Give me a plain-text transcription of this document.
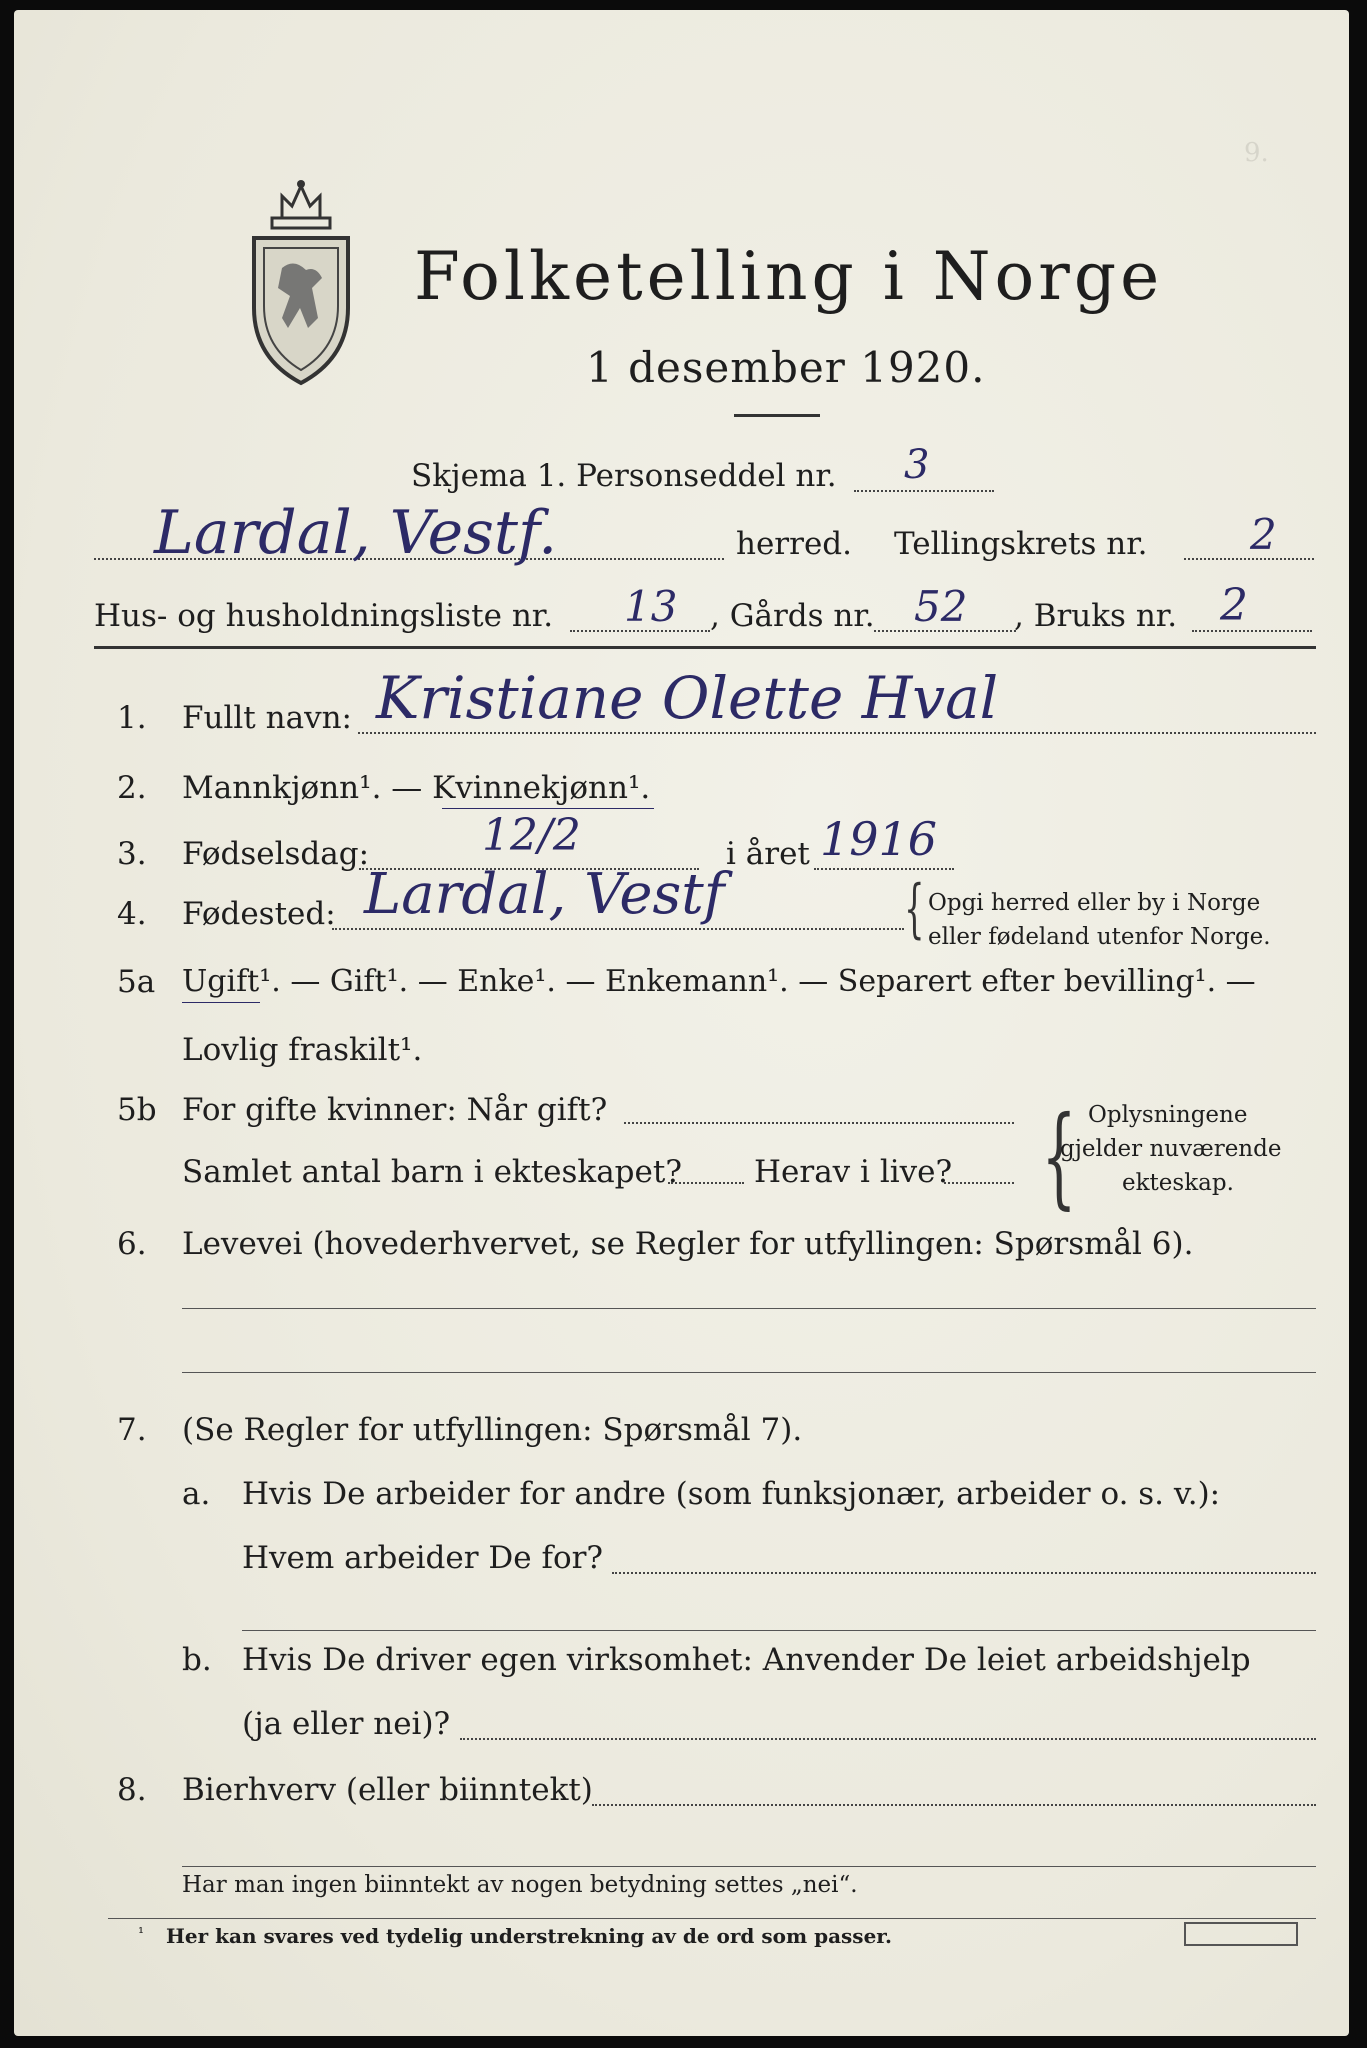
9.
Folketelling i Norge
1 desember 1920.
Skjema 1. Personseddel nr. 3
Lardal, Vestf.	herred. Tellingskrets nr. 2
Hus- og husholdningsliste nr. 13 , Gårds nr. 52 , Bruks nr. 2
1. Fullt navn: Kristiane Olette Hval
2. Mannkjønn¹. — Kvinnekjønn¹.
3. Fødselsdag:	12/2	i året 1916
4. Fødested: Lardal, Vestf	{ Opgi herred eller by i Norge
eller fødeland utenfor Norge.
5a Ugift¹. — Gift¹. — Enke¹. — Enkemann¹. — Separert efter bevilling¹. —
Lovlig fraskilt¹.
5b For gifte kvinner: Når gift?
Samlet antal barn i ekteskapet? Herav i live? { Oplysningene
gjelder nuværende
ekteskap.
6. Levevei (hovederhvervet, se Regler for utfyllingen: Spørsmål 6).
7. (Se Regler for utfyllingen: Spørsmål 7).
a. Hvis De arbeider for andre (som funksjonær, arbeider o. s. v.):
Hvem arbeider De for?
b. Hvis De driver egen virksomhet: Anvender De leiet arbeidshjelp
(ja eller nei)?
8. Bierhverv (eller biinntekt)
Har man ingen biinntekt av nogen betydning settes „nei“.
¹ Her kan svares ved tydelig understrekning av de ord som passer.
